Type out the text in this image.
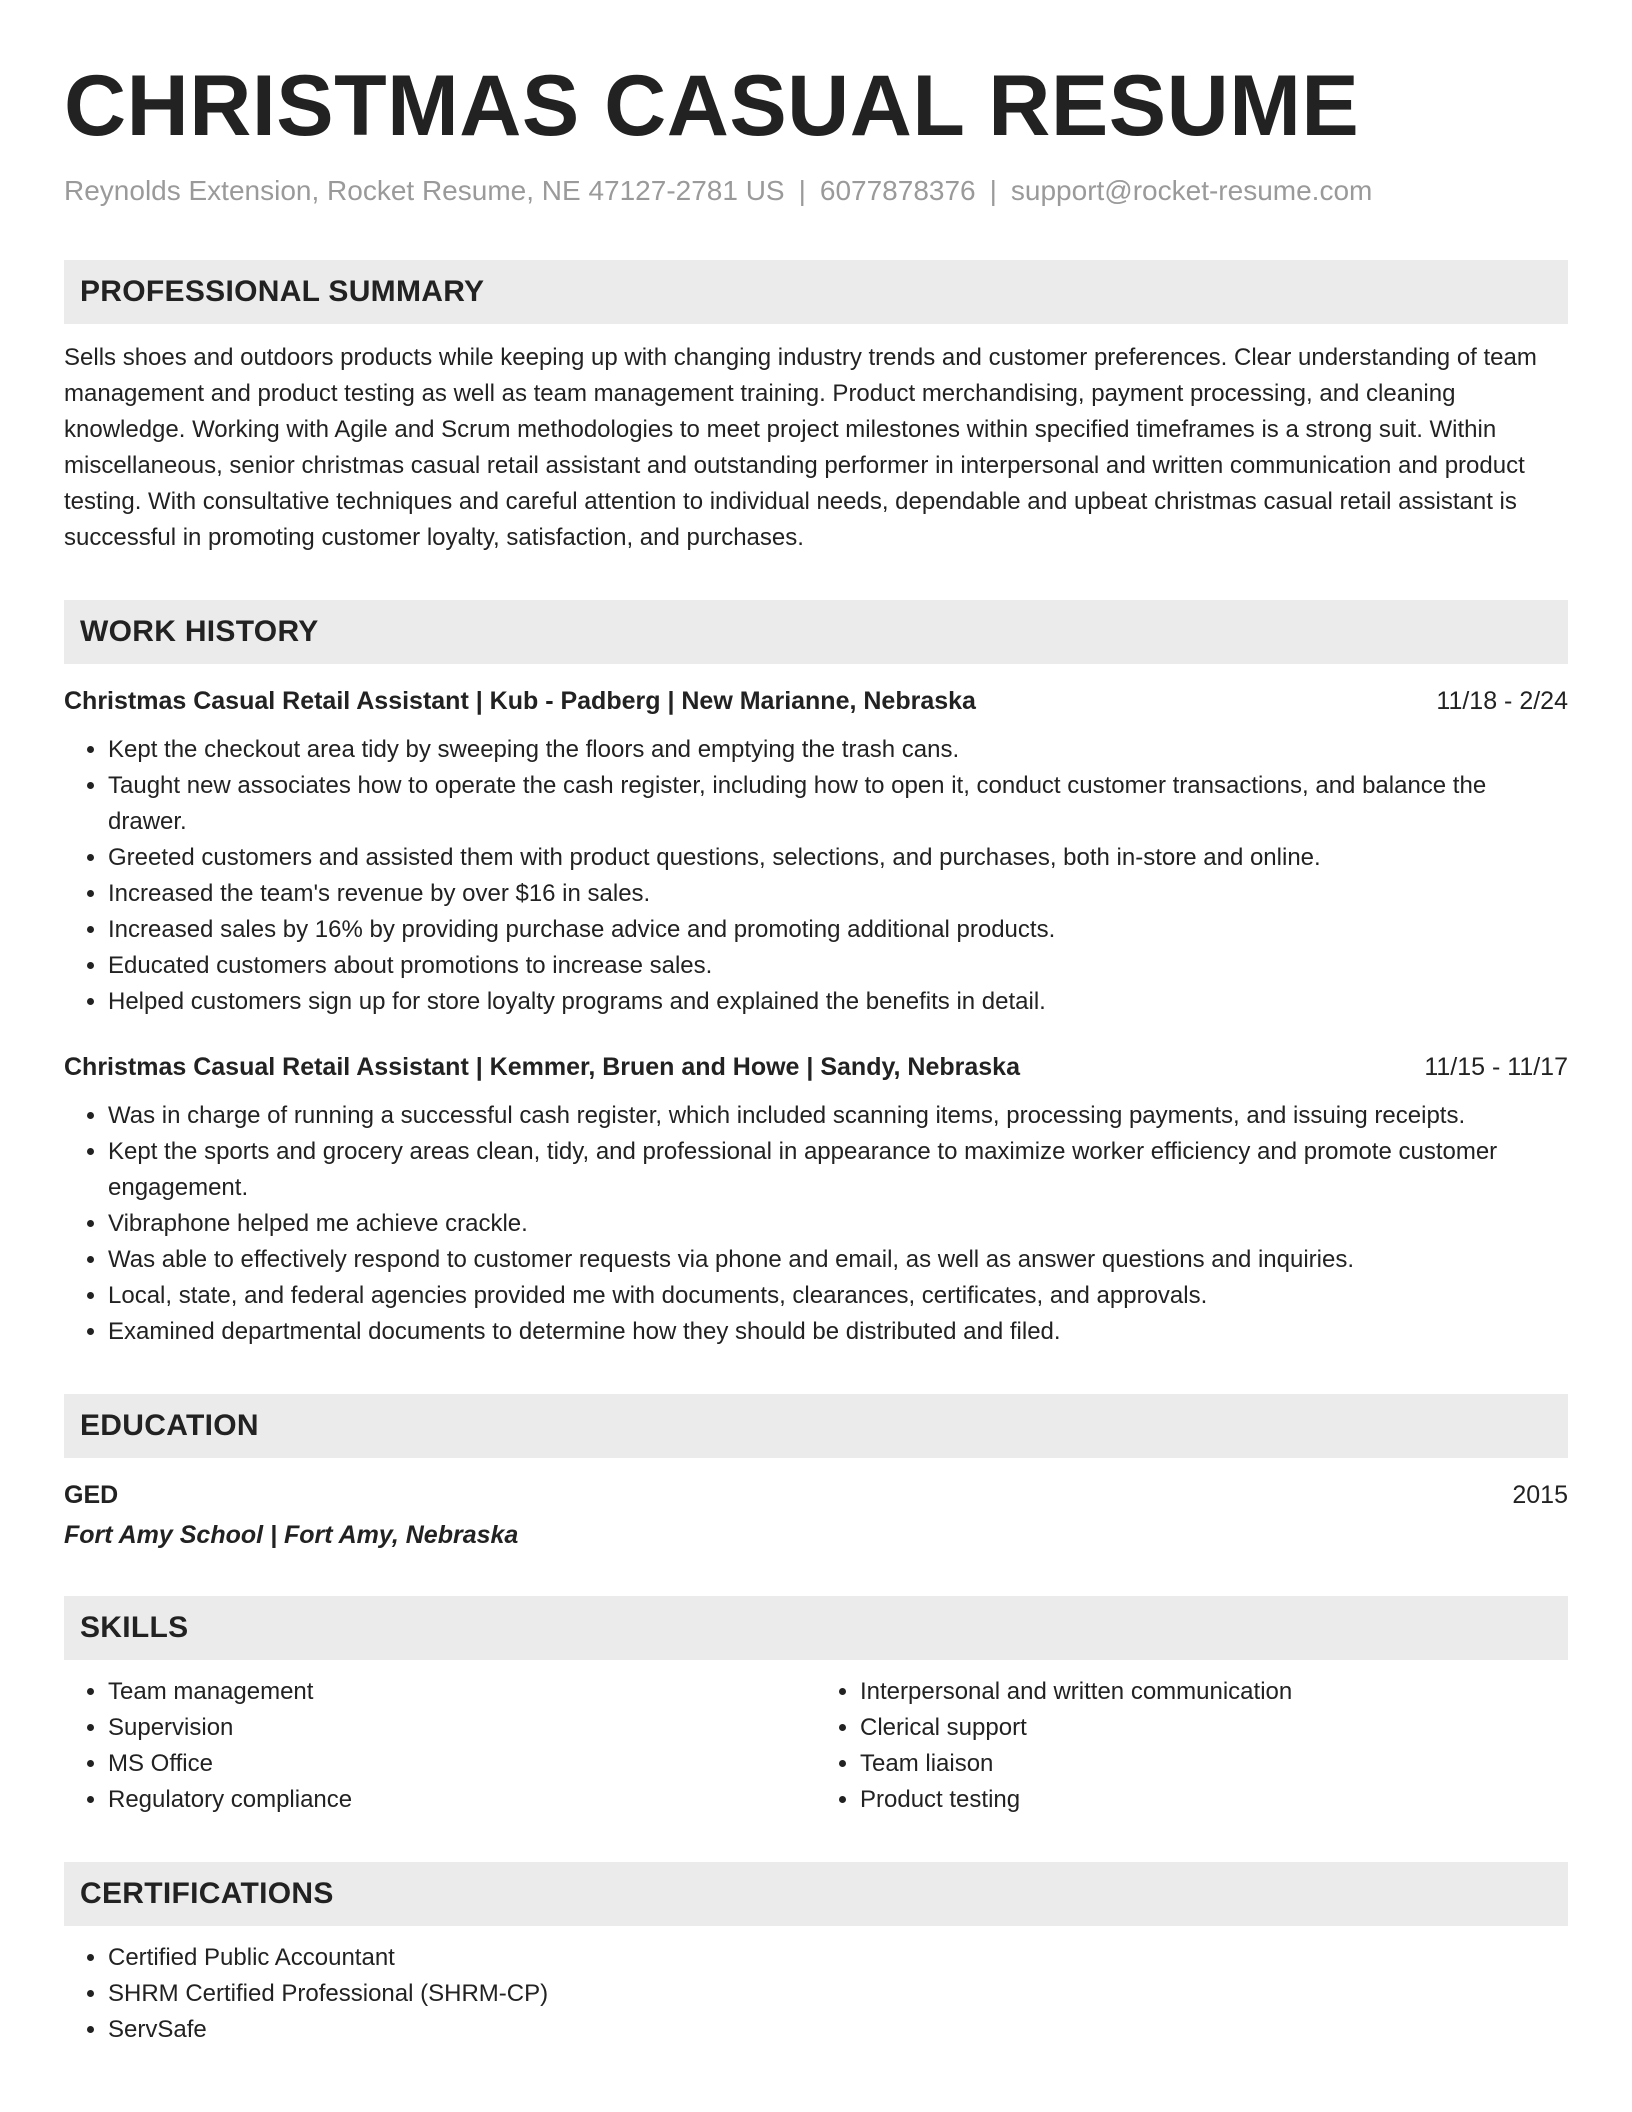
CHRISTMAS CASUAL RESUME
Reynolds Extension, Rocket Resume, NE 47127-2781 US | 6077878376 | support@rocket-resume.com
PROFESSIONAL SUMMARY
Sells shoes and outdoors products while keeping up with changing industry trends and customer preferences. Clear understanding of team management and product testing as well as team management training. Product merchandising, payment processing, and cleaning knowledge. Working with Agile and Scrum methodologies to meet project milestones within specified timeframes is a strong suit. Within miscellaneous, senior christmas casual retail assistant and outstanding performer in interpersonal and written communication and product testing. With consultative techniques and careful attention to individual needs, dependable and upbeat christmas casual retail assistant is successful in promoting customer loyalty, satisfaction, and purchases.
WORK HISTORY
Christmas Casual Retail Assistant | Kub - Padberg | New Marianne, Nebraska	11/18 - 2/24
• Kept the checkout area tidy by sweeping the floors and emptying the trash cans.
• Taught new associates how to operate the cash register, including how to open it, conduct customer transactions, and balance the drawer.
• Greeted customers and assisted them with product questions, selections, and purchases, both in-store and online.
• Increased the team's revenue by over $16 in sales.
• Increased sales by 16% by providing purchase advice and promoting additional products.
• Educated customers about promotions to increase sales.
• Helped customers sign up for store loyalty programs and explained the benefits in detail.
Christmas Casual Retail Assistant | Kemmer, Bruen and Howe | Sandy, Nebraska	11/15 - 11/17
• Was in charge of running a successful cash register, which included scanning items, processing payments, and issuing receipts.
• Kept the sports and grocery areas clean, tidy, and professional in appearance to maximize worker efficiency and promote customer engagement.
• Vibraphone helped me achieve crackle.
• Was able to effectively respond to customer requests via phone and email, as well as answer questions and inquiries.
• Local, state, and federal agencies provided me with documents, clearances, certificates, and approvals.
• Examined departmental documents to determine how they should be distributed and filed.
EDUCATION
GED	2015
Fort Amy School | Fort Amy, Nebraska
SKILLS
• Team management
• Supervision
• MS Office
• Regulatory compliance
• Interpersonal and written communication
• Clerical support
• Team liaison
• Product testing
CERTIFICATIONS
• Certified Public Accountant
• SHRM Certified Professional (SHRM-CP)
• ServSafe
